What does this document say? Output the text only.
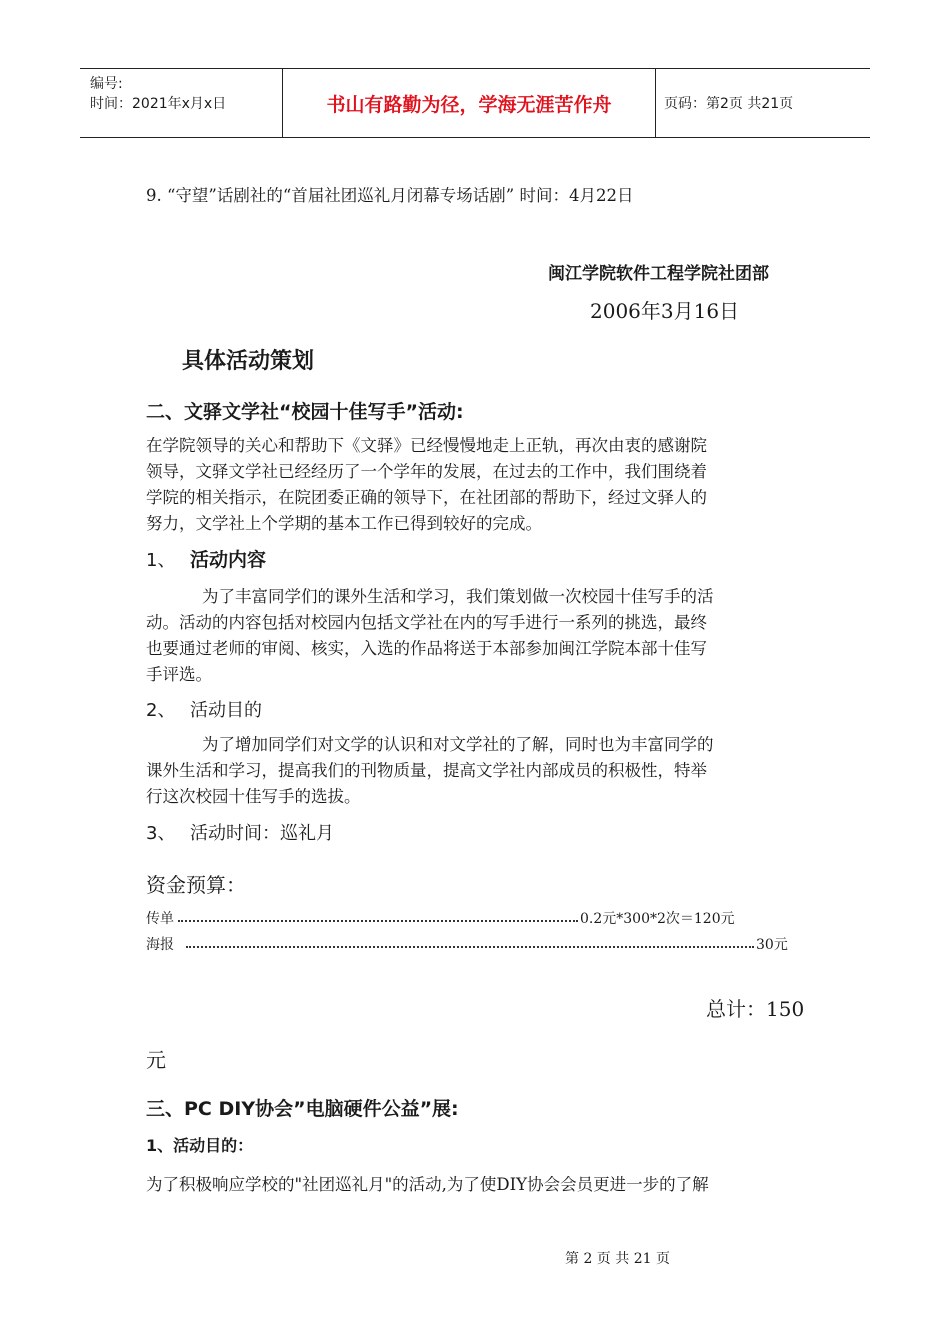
编号:
时间：2021年x月x日	书山有路勤为径，学海无涯苦作舟	页码：第2页 共21页
9. “守望”话剧社的“首届社团巡礼月闭幕专场话剧” 时间：4月22日
闽江学院软件工程学院社团部
2006年3月16日
具体活动策划
二、文驿文学社“校园十佳写手”活动:
在学院领导的关心和帮助下《文驿》已经慢慢地走上正轨，再次由衷的感谢院
领导，文驿文学社已经经历了一个学年的发展，在过去的工作中，我们围绕着
学院的相关指示，在院团委正确的领导下，在社团部的帮助下，经过文驿人的
努力，文学社上个学期的基本工作已得到较好的完成。
1、 活动内容
为了丰富同学们的课外生活和学习，我们策划做一次校园十佳写手的活
动。活动的内容包括对校园内包括文学社在内的写手进行一系列的挑选，最终
也要通过老师的审阅、核实，入选的作品将送于本部参加闽江学院本部十佳写
手评选。
2、 活动目的
为了增加同学们对文学的认识和对文学社的了解，同时也为丰富同学的
课外生活和学习，提高我们的刊物质量，提高文学社内部成员的积极性，特举
行这次校园十佳写手的选拔。
3、 活动时间：巡礼月
资金预算：
传单	0.2元*300*2次＝120元
海报	30元
总计：150
元
三、PC DIY协会”电脑硬件公益”展:
1、活动目的：
为了积极响应学校的"社团巡礼月"的活动,为了使DIY协会会员更进一步的了解
第 2 页 共 21 页
